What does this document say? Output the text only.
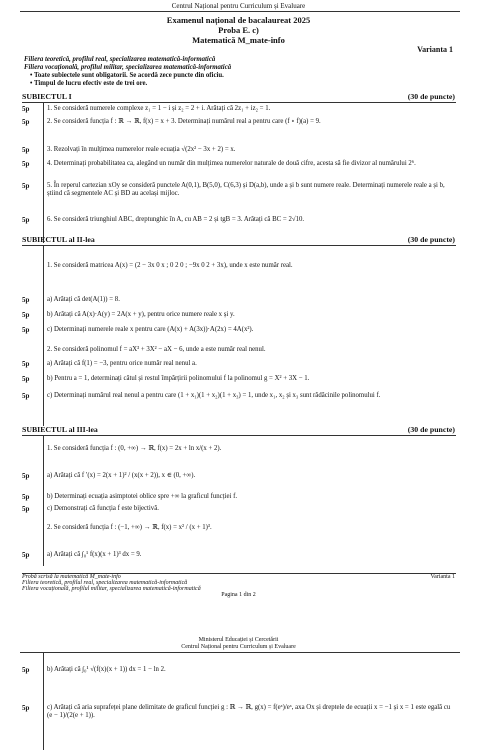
Centrul Național pentru Curriculum și Evaluare
Examenul național de bacalaureat 2025
Proba E. c)
Matematică M_mate-info
Varianta 1
Filiera teoretică, profilul real, specializarea matematică-informatică
Filiera vocațională, profilul militar, specializarea matematică-informatică
• Toate subiectele sunt obligatorii. Se acordă zece puncte din oficiu.
• Timpul de lucru efectiv este de trei ore.
SUBIECTUL I	(30 de puncte)
5p	1. Se consideră numerele complexe z₁ = 1 − i și z₂ = 2 + i. Arătați că 2z₁ + iz₂ = 1.
5p	2. Se consideră funcția f : ℝ → ℝ, f(x) = x + 3. Determinați numărul real a pentru care (f ∘ f)(a) = 9.
5p	3. Rezolvați în mulțimea numerelor reale ecuația √(2x² − 3x + 2) = x.
5p	4. Determinați probabilitatea ca, alegând un număr din mulțimea numerelor naturale de două cifre, acesta să fie divizor al numărului 2⁶.
5p	5. În reperul cartezian xOy se consideră punctele A(0,1), B(5,0), C(6,3) și D(a,b), unde a și b sunt numere reale. Determinați numerele reale a și b, știind că segmentele AC și BD au același mijloc.
5p	6. Se consideră triunghiul ABC, dreptunghic în A, cu AB = 2 și tgB = 3. Arătați că BC = 2√10.
SUBIECTUL al II-lea	(30 de puncte)
1. Se consideră matricea A(x) = (2 − 3x 0 x ; 0 2 0 ; −9x 0 2 + 3x), unde x este număr real.
5p	a) Arătați că det(A(1)) = 8.
5p	b) Arătați că A(x)·A(y) = 2A(x + y), pentru orice numere reale x și y.
5p	c) Determinați numerele reale x pentru care (A(x) + A(3x))·A(2x) = 4A(x²).
2. Se consideră polinomul f = aX³ + 3X² − aX − 6, unde a este număr real nenul.
5p	a) Arătați că f(1) = −3, pentru orice număr real nenul a.
5p	b) Pentru a = 1, determinați câtul și restul împărțirii polinomului f la polinomul g = X² + 3X − 1.
5p	c) Determinați numărul real nenul a pentru care (1 + x₁)(1 + x₂)(1 + x₃) = 1, unde x₁, x₂ și x₃ sunt rădăcinile polinomului f.
SUBIECTUL al III-lea	(30 de puncte)
1. Se consideră funcția f : (0, +∞) → ℝ, f(x) = 2x + ln x/(x + 2).
5p	a) Arătați că f ′(x) = 2(x + 1)² / (x(x + 2)), x ∈ (0, +∞).
5p	b) Determinați ecuația asimptotei oblice spre +∞ la graficul funcției f.
5p	c) Demonstrați că funcția f este bijectivă.
2. Se consideră funcția f : (−1, +∞) → ℝ, f(x) = x² / (x + 1)³.
5p	a) Arătați că ∫₀¹ f(x)(x + 1)³ dx = 9.
Probă scrisă la matematică M_mate-info	Varianta 1
Filiera teoretică, profilul real, specializarea matematică-informatică
Filiera vocațională, profilul militar, specializarea matematică-informatică
Pagina 1 din 2
Ministerul Educației și Cercetării
Centrul Național pentru Curriculum și Evaluare
5p	b) Arătați că ∫₀¹ √(f(x)(x + 1)) dx = 1 − ln 2.
5p	c) Arătați că aria suprafeței plane delimitate de graficul funcției g : ℝ → ℝ, g(x) = f(eˣ)/eˣ, axa Ox și dreptele de ecuații x = −1 și x = 1 este egală cu (e − 1)/(2(e + 1)).
